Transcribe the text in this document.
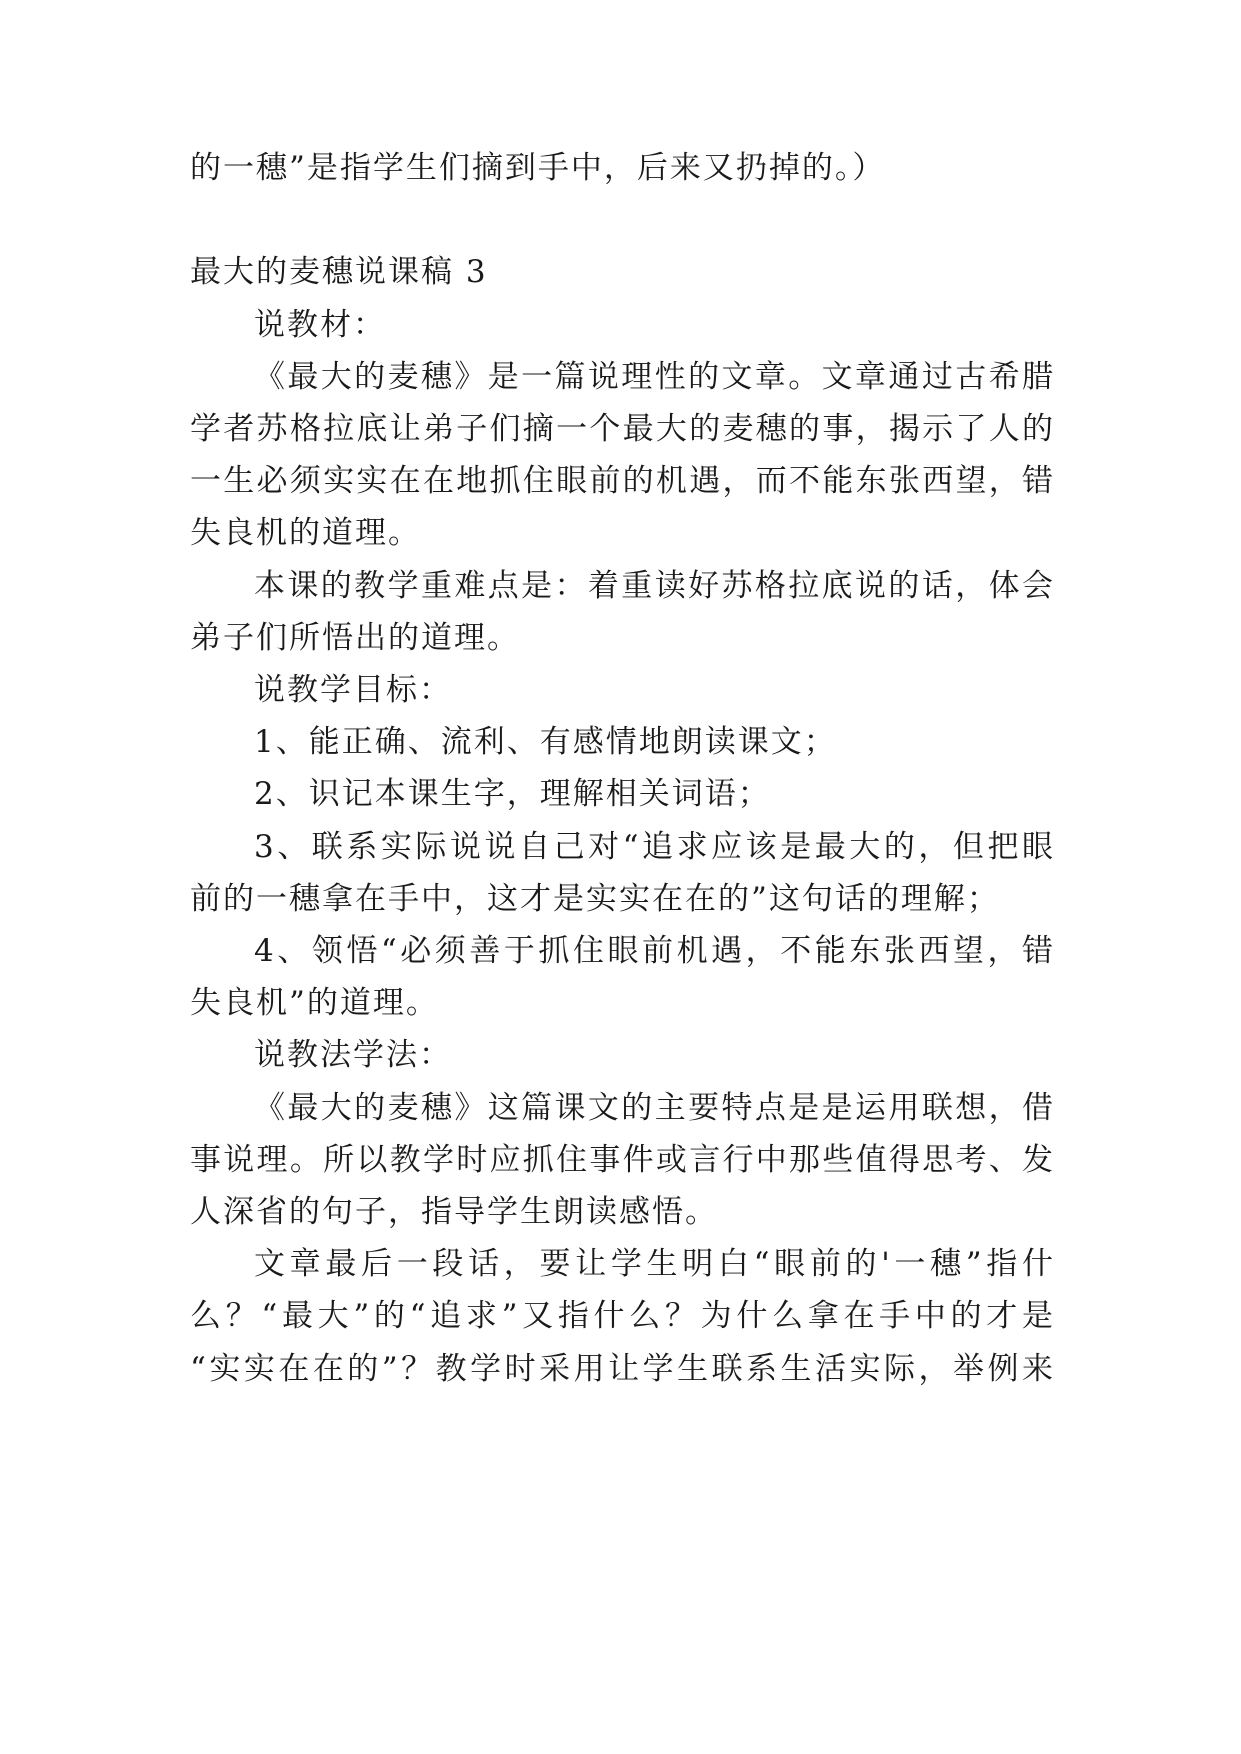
的一穗”是指学生们摘到手中，后来又扔掉的。）
最大的麦穗说课稿 3
说教材：
《最大的麦穗》是一篇说理性的文章。文章通过古希腊
学者苏格拉底让弟子们摘一个最大的麦穗的事，揭示了人的
一生必须实实在在地抓住眼前的机遇，而不能东张西望，错
失良机的道理。
本课的教学重难点是：着重读好苏格拉底说的话，体会
弟子们所悟出的道理。
说教学目标：
1、能正确、流利、有感情地朗读课文；
2、识记本课生字，理解相关词语；
3、联系实际说说自己对“追求应该是最大的，但把眼
前的一穗拿在手中，这才是实实在在的”这句话的理解；
4、领悟“必须善于抓住眼前机遇，不能东张西望，错
失良机”的道理。
说教法学法：
《最大的麦穗》这篇课文的主要特点是是运用联想，借
事说理。所以教学时应抓住事件或言行中那些值得思考、发
人深省的句子，指导学生朗读感悟。
文章最后一段话，要让学生明白“眼前的'一穗”指什
么？“最大”的“追求”又指什么？为什么拿在手中的才是
“实实在在的”？教学时采用让学生联系生活实际，举例来
